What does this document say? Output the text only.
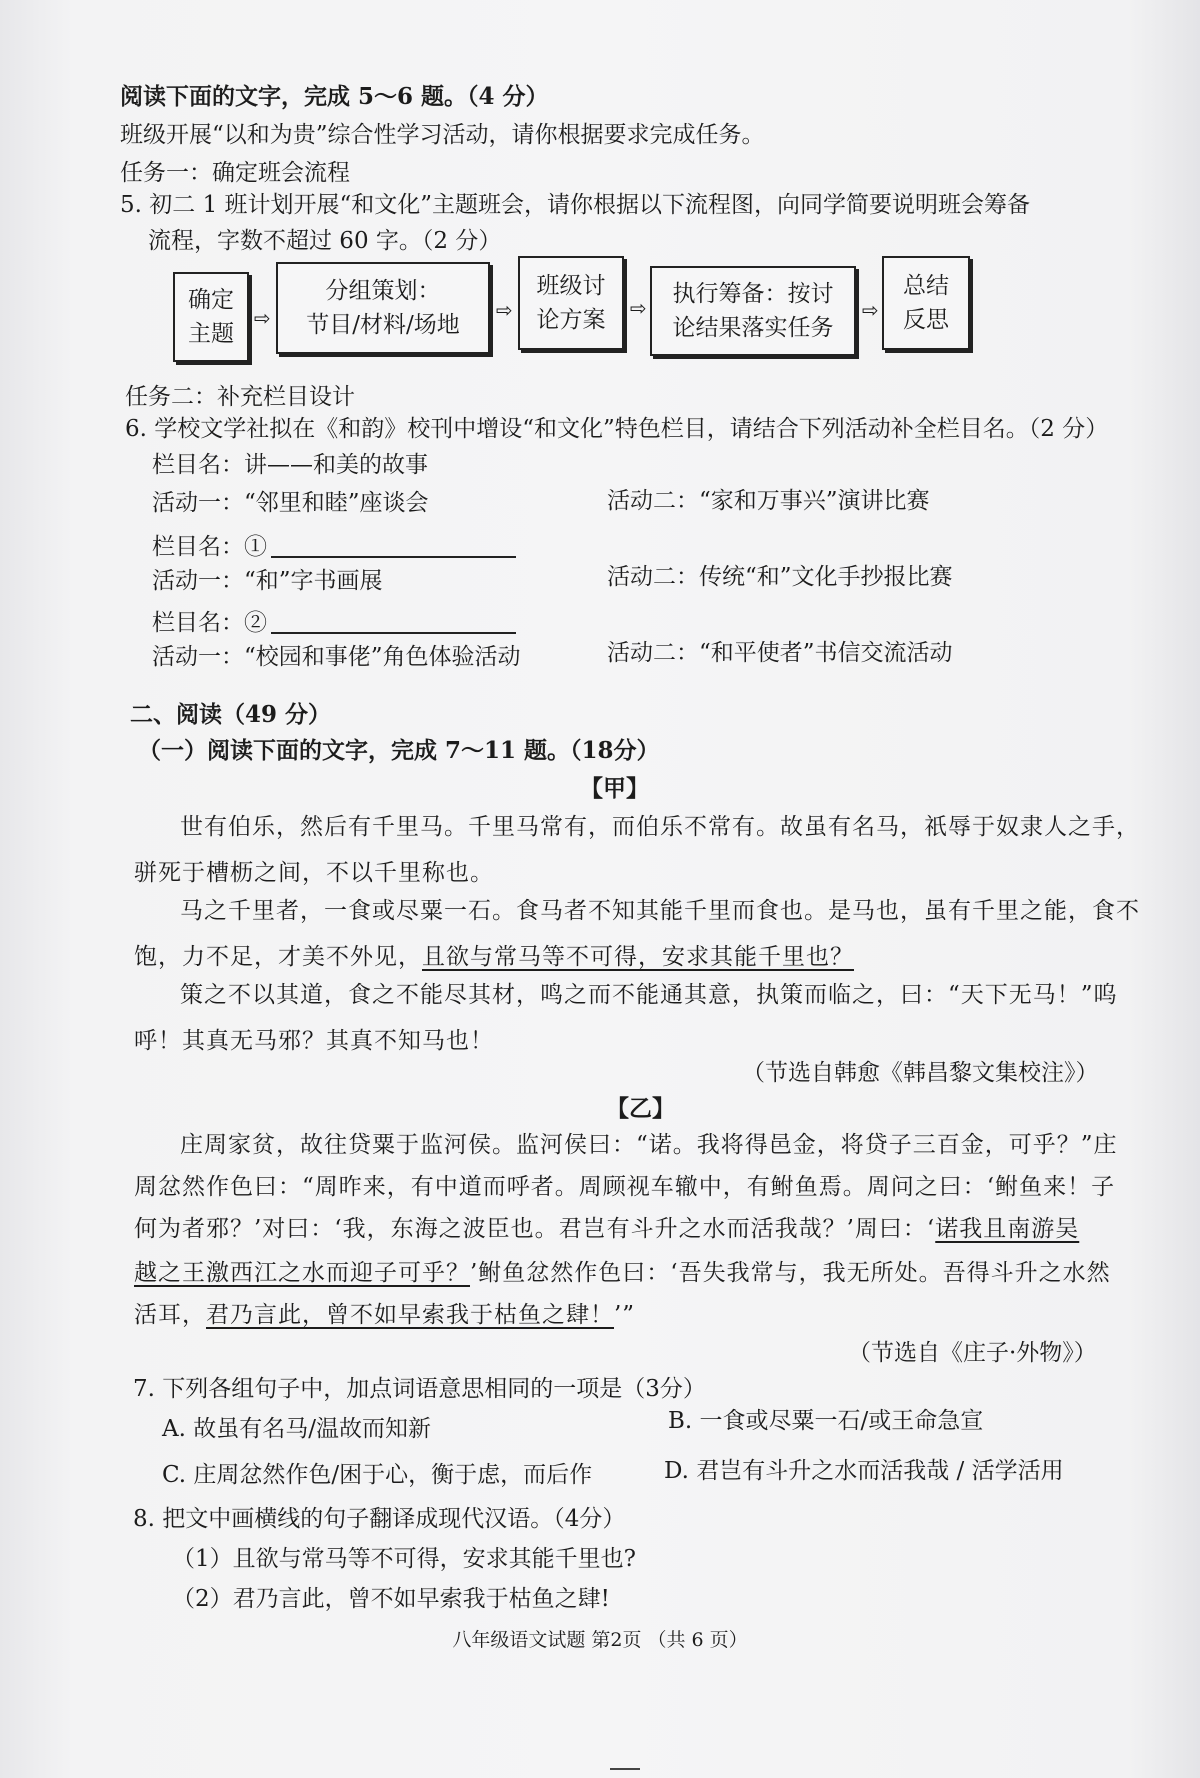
阅读下面的文字，完成 5～6 题。（4 分）
班级开展“以和为贵”综合性学习活动，请你根据要求完成任务。
任务一：确定班会流程
5. 初二 1 班计划开展“和文化”主题班会，请你根据以下流程图，向同学简要说明班会筹备
流程，字数不超过 60 字。（2 分）
确定
主题
⇨
分组策划：
节目/材料/场地
⇨
班级讨
论方案 ⇨
执行筹备：按讨
论结果落实任务
⇨
总结
反思
任务二：补充栏目设计
6. 学校文学社拟在《和韵》校刊中增设“和文化”特色栏目，请结合下列活动补全栏目名。（2 分）
栏目名：讲——和美的故事
活动一：“邻里和睦”座谈会	活动二：“家和万事兴”演讲比赛
栏目名：①
活动一：“和”字书画展	活动二：传统“和”文化手抄报比赛
栏目名：②
活动一：“校园和事佬”角色体验活动	活动二：“和平使者”书信交流活动
二、阅读（49 分）
（一）阅读下面的文字，完成 7～11 题。（18分）
【甲】
世有伯乐，然后有千里马。千里马常有，而伯乐不常有。故虽有名马，祇辱于奴隶人之手，
骈死于槽枥之间，不以千里称也。
马之千里者，一食或尽粟一石。食马者不知其能千里而食也。是马也，虽有千里之能，食不
饱，力不足，才美不外见，且欲与常马等不可得，安求其能千里也？
策之不以其道，食之不能尽其材，鸣之而不能通其意，执策而临之，曰：“天下无马！”呜
呼！其真无马邪？其真不知马也！
（节选自韩愈《韩昌黎文集校注》）
【乙】
庄周家贫，故往贷粟于监河侯。监河侯曰：“诺。我将得邑金，将贷子三百金，可乎？”庄
周忿然作色曰：“周昨来，有中道而呼者。周顾视车辙中，有鲋鱼焉。周问之曰：‘鲋鱼来！子
何为者邪？’对曰：‘我，东海之波臣也。君岂有斗升之水而活我哉？’周曰：‘诺我且南游吴
越之王激西江之水而迎子可乎？’鲋鱼忿然作色曰：‘吾失我常与，我无所处。吾得斗升之水然
活耳，君乃言此，曾不如早索我于枯鱼之肆！’”
（节选自《庄子·外物》）
7. 下列各组句子中，加点词语意思相同的一项是（3分）
A. 故虽有名马/温故而知新	B. 一食或尽粟一石/或王命急宣
C. 庄周忿然作色/困于心，衡于虑，而后作	D. 君岂有斗升之水而活我哉 / 活学活用
8. 把文中画横线的句子翻译成现代汉语。（4分）
（1）且欲与常马等不可得，安求其能千里也?
（2）君乃言此，曾不如早索我于枯鱼之肆!
八年级语文试题 第2页 （共 6 页）
